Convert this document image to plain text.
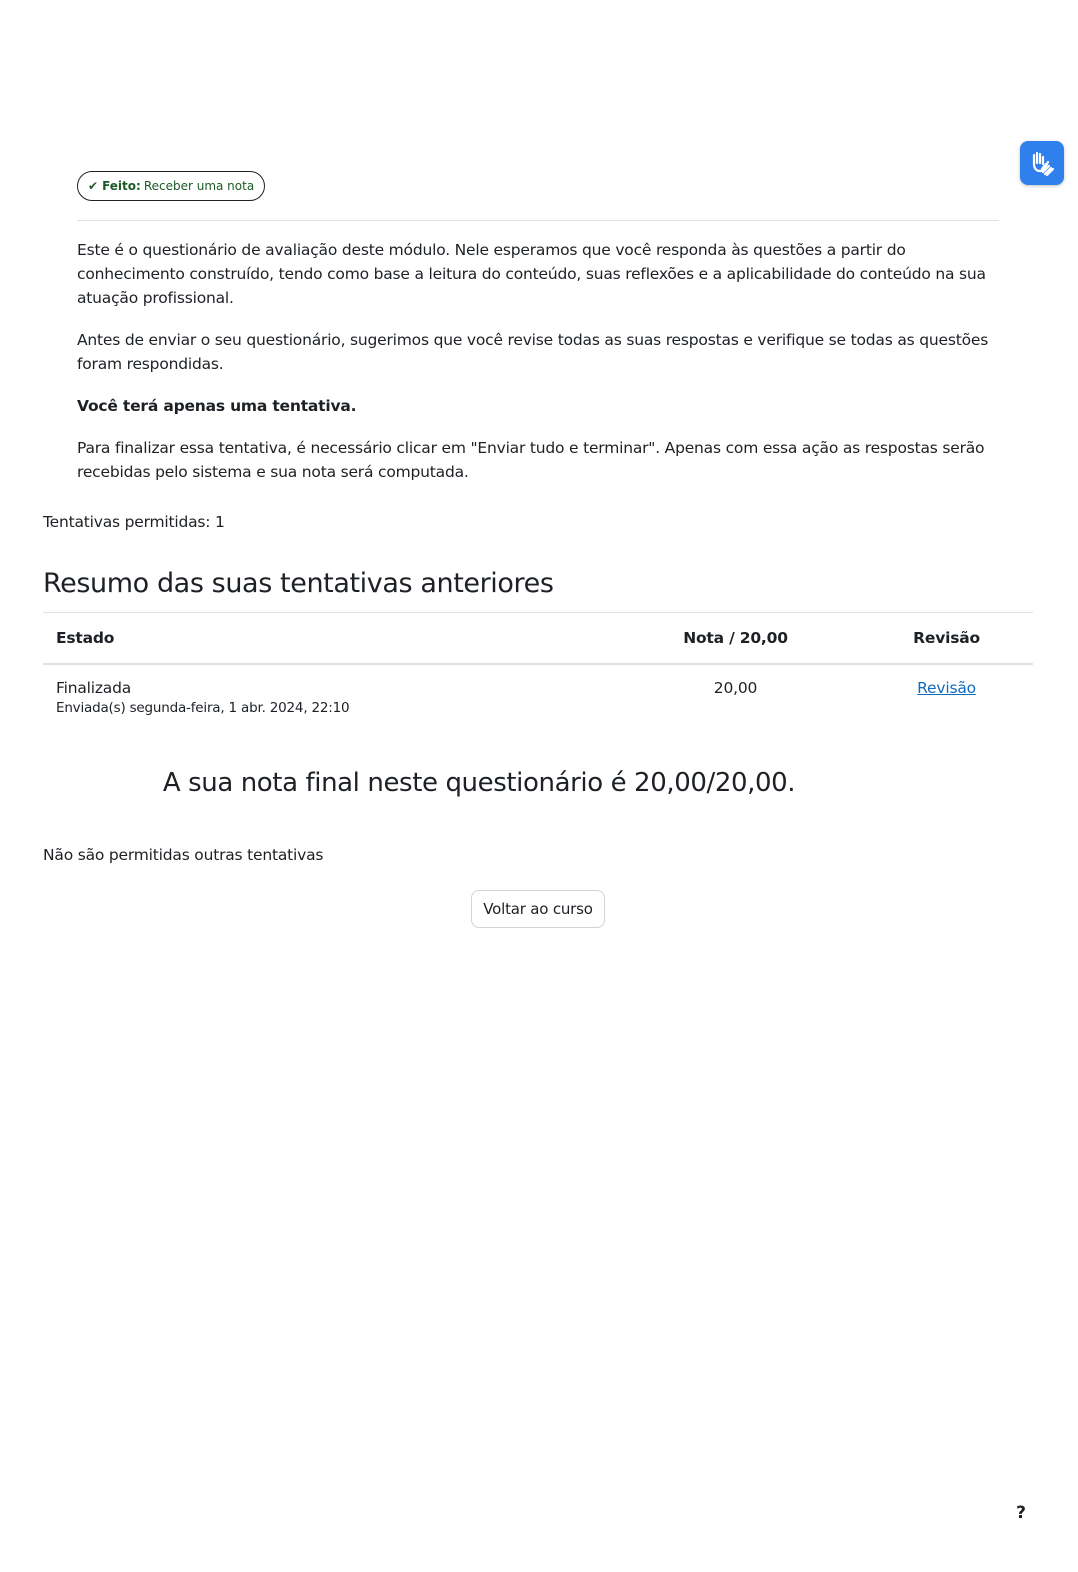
✔ Feito: Receber uma nota

Este é o questionário de avaliação deste módulo. Nele esperamos que você responda às questões a partir do conhecimento construído, tendo como base a leitura do conteúdo, suas reflexões e a aplicabilidade do conteúdo na sua atuação profissional.

Antes de enviar o seu questionário, sugerimos que você revise todas as suas respostas e verifique se todas as questões foram respondidas.

Você terá apenas uma tentativa.

Para finalizar essa tentativa, é necessário clicar em "Enviar tudo e terminar". Apenas com essa ação as respostas serão recebidas pelo sistema e sua nota será computada.

Tentativas permitidas: 1
Resumo das suas tentativas anteriores
Estado	Nota / 20,00	Revisão
Finalizada
Enviada(s) segunda-feira, 1 abr. 2024, 22:10	20,00	Revisão
A sua nota final neste questionário é 20,00/20,00.
Não são permitidas outras tentativas
Voltar ao curso
?
